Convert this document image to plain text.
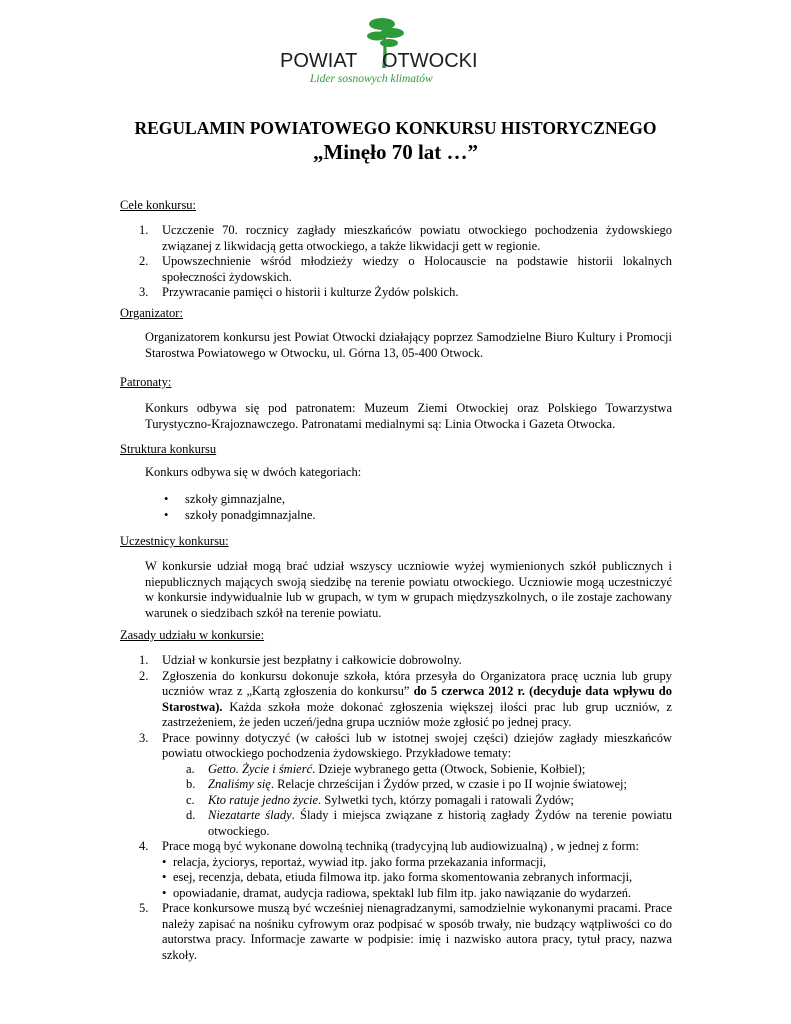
POWIAT OTWOCKI
Lider sosnowych klimatów
REGULAMIN POWIATOWEGO KONKURSU HISTORYCZNEGO
„Minęło 70 lat …”
Cele konkursu:
1. Uczczenie 70. rocznicy zagłady mieszkańców powiatu otwockiego pochodzenia żydowskiego związanej z likwidacją getta otwockiego, a także likwidacji gett w regionie.
2. Upowszechnienie wśród młodzieży wiedzy o Holocauscie na podstawie historii lokalnych społeczności żydowskich.
3. Przywracanie pamięci o historii i kulturze Żydów polskich.
Organizator:
Organizatorem konkursu jest Powiat Otwocki działający poprzez Samodzielne Biuro Kultury i Promocji Starostwa Powiatowego w Otwocku, ul. Górna 13, 05-400 Otwock.
Patronaty:
Konkurs odbywa się pod patronatem: Muzeum Ziemi Otwockiej oraz Polskiego Towarzystwa Turystyczno-Krajoznawczego. Patronatami medialnymi są: Linia Otwocka i Gazeta Otwocka.
Struktura konkursu
Konkurs odbywa się w dwóch kategoriach:
• szkoły gimnazjalne,
• szkoły ponadgimnazjalne.
Uczestnicy konkursu:
W konkursie udział mogą brać udział wszyscy uczniowie wyżej wymienionych szkół publicznych i niepublicznych mających swoją siedzibę na terenie powiatu otwockiego. Uczniowie mogą uczestniczyć w konkursie indywidualnie lub w grupach, w tym w grupach międzyszkolnych, o ile zostaje zachowany warunek o siedzibach szkół na terenie powiatu.
Zasady udziału w konkursie:
1. Udział w konkursie jest bezpłatny i całkowicie dobrowolny.
2. Zgłoszenia do konkursu dokonuje szkoła, która przesyła do Organizatora pracę ucznia lub grupy uczniów wraz z „Kartą zgłoszenia do konkursu” do 5 czerwca 2012 r. (decyduje data wpływu do Starostwa). Każda szkoła może dokonać zgłoszenia większej ilości prac lub grup uczniów, z zastrzeżeniem, że jeden uczeń/jedna grupa uczniów może zgłosić po jednej pracy.
3. Prace powinny dotyczyć (w całości lub w istotnej swojej części) dziejów zagłady mieszkańców powiatu otwockiego pochodzenia żydowskiego. Przykładowe tematy:
a. Getto. Życie i śmierć. Dzieje wybranego getta (Otwock, Sobienie, Kołbiel);
b. Znaliśmy się. Relacje chrześcijan i Żydów przed, w czasie i po II wojnie światowej;
c. Kto ratuje jedno życie. Sylwetki tych, którzy pomagali i ratowali Żydów;
d. Niezatarte ślady. Ślady i miejsca związane z historią zagłady Żydów na terenie powiatu otwockiego.
4. Prace mogą być wykonane dowolną techniką (tradycyjną lub audiowizualną) , w jednej z form:
• relacja, życiorys, reportaż, wywiad itp. jako forma przekazania informacji,
• esej, recenzja, debata, etiuda filmowa itp. jako forma skomentowania zebranych informacji,
• opowiadanie, dramat, audycja radiowa, spektakl lub film itp. jako nawiązanie do wydarzeń.
5. Prace konkursowe muszą być wcześniej nienagradzanymi, samodzielnie wykonanymi pracami. Prace należy zapisać na nośniku cyfrowym oraz podpisać w sposób trwały, nie budzący wątpliwości co do autorstwa pracy. Informacje zawarte w podpisie: imię i nazwisko autora pracy, tytuł pracy, nazwa szkoły.
